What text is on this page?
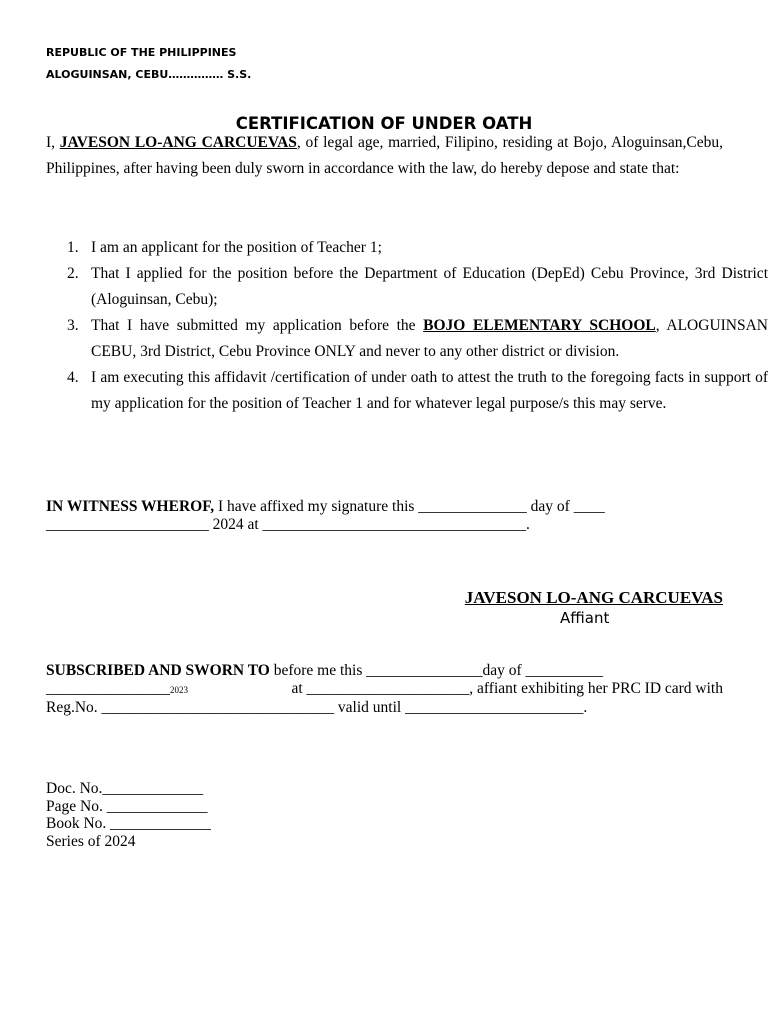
REPUBLIC OF THE PHILIPPINES
ALOGUINSAN, CEBU…………… S.S.
CERTIFICATION OF UNDER OATH
I, JAVESON LO-ANG CARCUEVAS, of legal age, married, Filipino, residing at Bojo, Aloguinsan,Cebu, Philippines, after having been duly sworn in accordance with the law, do hereby depose and state that:
1. I am an applicant for the position of Teacher 1;
2. That I applied for the position before the Department of Education (DepEd) Cebu Province, 3rd District (Aloguinsan, Cebu);
3. That I have submitted my application before the BOJO ELEMENTARY SCHOOL, ALOGUINSAN CEBU, 3rd District, Cebu Province ONLY and never to any other district or division.
4. I am executing this affidavit /certification of under oath to attest the truth to the foregoing facts in support of my application for the position of Teacher 1 and for whatever legal purpose/s this may serve.
IN WITNESS WHEROF, I have affixed my signature this ______________ day of ____
_____________________ 2024 at __________________________________.
JAVESON LO-ANG CARCUEVAS
Affiant
SUBSCRIBED AND SWORN TO before me this _______________day of __________
________________2023	at _____________________, affiant exhibiting her PRC ID card with
Reg.No. ______________________________ valid until _______________________.
Doc. No._____________
Page No. _____________
Book No. _____________
Series of 2024
